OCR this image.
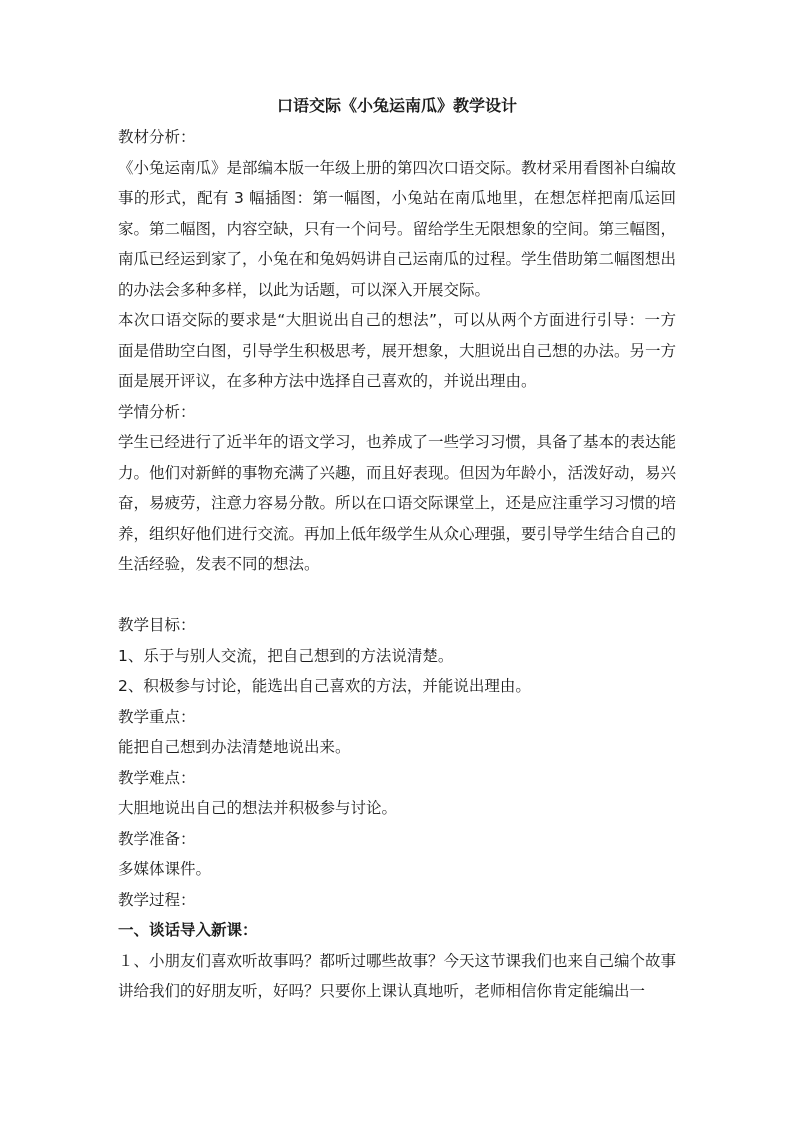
口语交际《小兔运南瓜》教学设计

教材分析：

《小兔运南瓜》是部编本版一年级上册的第四次口语交际。教材采用看图补白编故事的形式，配有 3 幅插图：第一幅图，小兔站在南瓜地里，在想怎样把南瓜运回家。第二幅图，内容空缺，只有一个问号。留给学生无限想象的空间。第三幅图，南瓜已经运到家了，小兔在和兔妈妈讲自己运南瓜的过程。学生借助第二幅图想出的办法会多种多样，以此为话题，可以深入开展交际。

本次口语交际的要求是“大胆说出自己的想法”，可以从两个方面进行引导：一方面是借助空白图，引导学生积极思考，展开想象，大胆说出自己想的办法。另一方面是展开评议，在多种方法中选择自己喜欢的，并说出理由。

学情分析：

学生已经进行了近半年的语文学习，也养成了一些学习习惯，具备了基本的表达能力。他们对新鲜的事物充满了兴趣，而且好表现。但因为年龄小，活泼好动，易兴奋，易疲劳，注意力容易分散。所以在口语交际课堂上，还是应注重学习习惯的培养，组织好他们进行交流。再加上低年级学生从众心理强，要引导学生结合自己的生活经验，发表不同的想法。

教学目标：

1、乐于与别人交流，把自己想到的方法说清楚。

2、积极参与讨论，能选出自己喜欢的方法，并能说出理由。

教学重点：

能把自己想到办法清楚地说出来。

教学难点：

大胆地说出自己的想法并积极参与讨论。

教学准备：

多媒体课件。

教学过程：

一、谈话导入新课：

１、小朋友们喜欢听故事吗？都听过哪些故事？今天这节课我们也来自己编个故事讲给我们的好朋友听，好吗？只要你上课认真地听，老师相信你肯定能编出一
